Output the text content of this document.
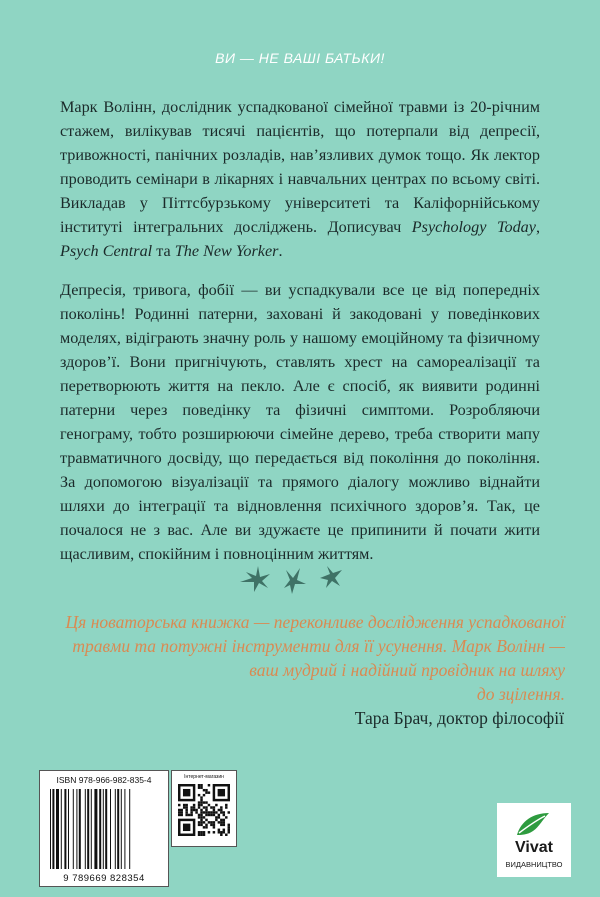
ВИ — НЕ ВАШІ БАТЬКИ!

Марк Волінн, дослідник успадкованої сімейної травми із 20-річним стажем, вилікував тисячі пацієнтів, що потерпали від депресії, тривожності, панічних розладів, нав’язливих думок тощо. Як лектор проводить семінари в лікарнях і навчальних центрах по всьому світі. Викладав у Піттсбурзькому університеті та Каліфорнійському інституті інтегральних досліджень. Дописувач Psychology Today, Psych Central та The New Yorker.

Депресія, тривога, фобії — ви успадкували все це від попередніх поколінь! Родинні патерни, заховані й закодовані у поведінкових моделях, відіграють значну роль у нашому емоційному та фізичному здоров’ї. Вони пригнічують, ставлять хрест на самореалізації та перетворюють життя на пекло. Але є спосіб, як виявити родинні патерни через поведінку та фізичні симптоми. Розробляючи генограму, тобто розширюючи сімейне дерево, треба створити мапу травматичного досвіду, що передається від покоління до покоління. За допомогою візуалізації та прямого діалогу можливо віднайти шляхи до інтеграції та відновлення психічного здоров’я. Так, це почалося не з вас. Але ви здужаєте це припинити й почати жити щасливим, спокійним і повноцінним життям.

Ця новаторська книжка — переконливе дослідження успадкованої
травми та потужні інструменти для її усунення. Марк Волінн —
ваш мудрий і надійний провідник на шляху
до зцілення.
Тара Брач, доктор філософії
ISBN 978-966-982-835-4
9 789669 828354
Інтернет-магазин
Vivat
ВИДАВНИЦТВО
